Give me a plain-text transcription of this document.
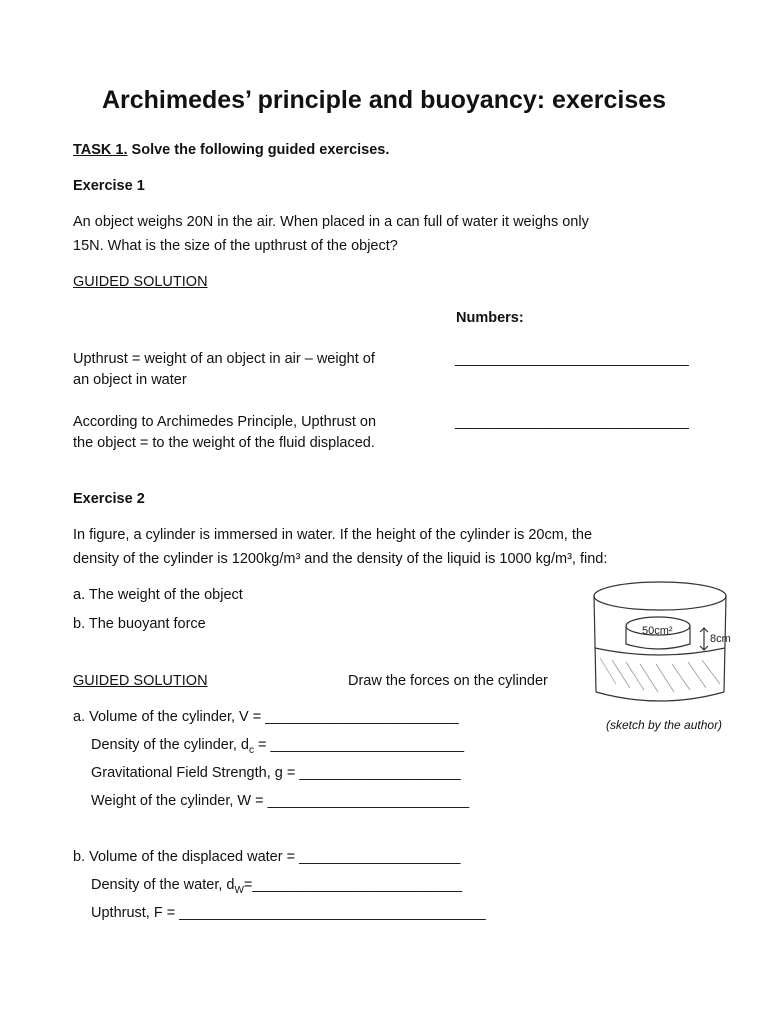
Archimedes’ principle and buoyancy: exercises
TASK 1. Solve the following guided exercises.
Exercise 1
An object weighs 20N in the air. When placed in a can full of water it weighs only
15N. What is the size of the upthrust of the object?
GUIDED SOLUTION
Numbers:
Upthrust = weight of an object in air – weight of
an object in water
_____________________________
According to Archimedes Principle, Upthrust on
the object = to the weight of the fluid displaced.
_____________________________
Exercise 2
In figure, a cylinder is immersed in water. If the height of the cylinder is 20cm, the
density of the cylinder is 1200kg/m³ and the density of the liquid is 1000 kg/m³, find:
a. The weight of the object
b. The buoyant force	50cm²
8cm
(sketch by the author)
GUIDED SOLUTION	Draw the forces on the cylinder
a. Volume of the cylinder, V = ________________________
Density of the cylinder, $d_c$ = ________________________
Gravitational Field Strength, g = ____________________
Weight of the cylinder, W = _________________________
b. Volume of the displaced water = ____________________
Density of the water, $d_W=\_\_\_\_\_\_\_\_\_\_\_\_\_\_\_\_\_\_\_\_\_\_\_\_\_\_$
Upthrust, F = ______________________________________
